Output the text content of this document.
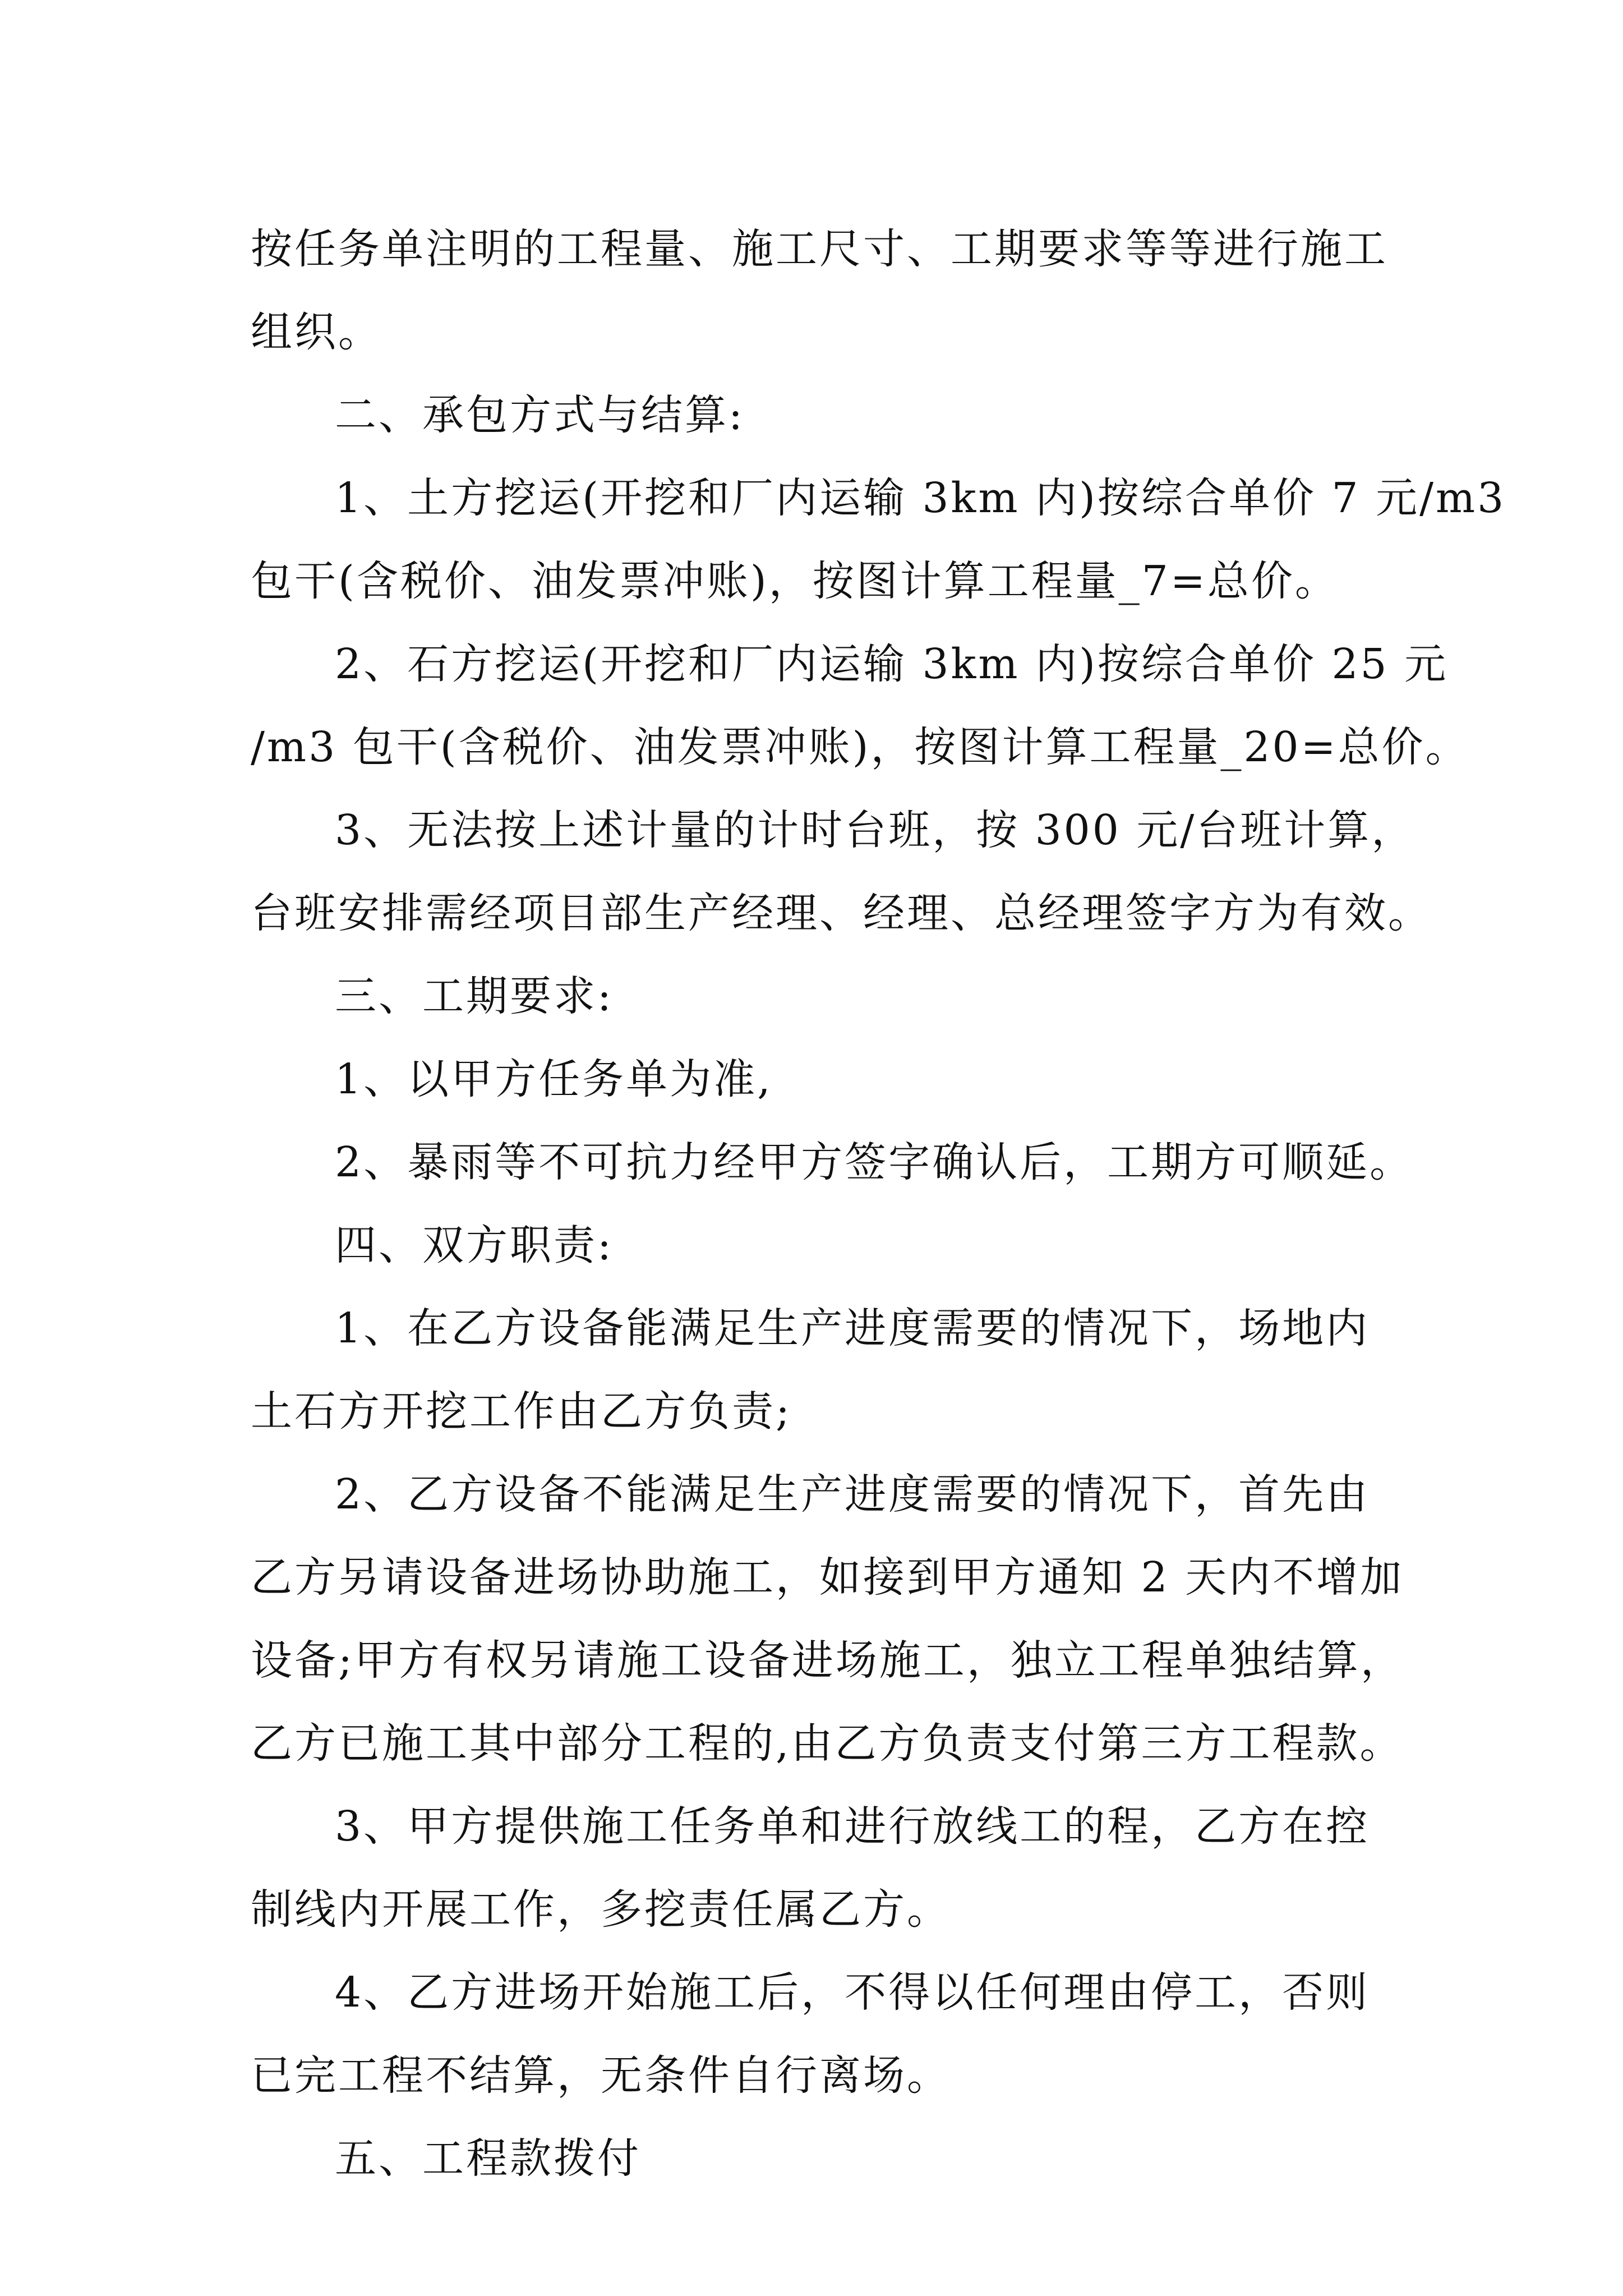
按任务单注明的工程量、施工尺寸、工期要求等等进行施工
组织。
二、承包方式与结算:
1、土方挖运(开挖和厂内运输 3km 内)按综合单价 7 元/m3
包干(含税价、油发票冲账)，按图计算工程量_7=总价。
2、石方挖运(开挖和厂内运输 3km 内)按综合单价 25 元
/m3 包干(含税价、油发票冲账)，按图计算工程量_20=总价。
3、无法按上述计量的计时台班，按 300 元/台班计算，
台班安排需经项目部生产经理、经理、总经理签字方为有效。
三、工期要求:
1、以甲方任务单为准,
2、暴雨等不可抗力经甲方签字确认后，工期方可顺延。
四、双方职责:
1、在乙方设备能满足生产进度需要的情况下，场地内
土石方开挖工作由乙方负责;
2、乙方设备不能满足生产进度需要的情况下，首先由
乙方另请设备进场协助施工，如接到甲方通知 2 天内不增加
设备;甲方有权另请施工设备进场施工，独立工程单独结算，
乙方已施工其中部分工程的,由乙方负责支付第三方工程款。
3、甲方提供施工任务单和进行放线工的程，乙方在控
制线内开展工作，多挖责任属乙方。
4、乙方进场开始施工后，不得以任何理由停工，否则
已完工程不结算，无条件自行离场。
五、工程款拨付
